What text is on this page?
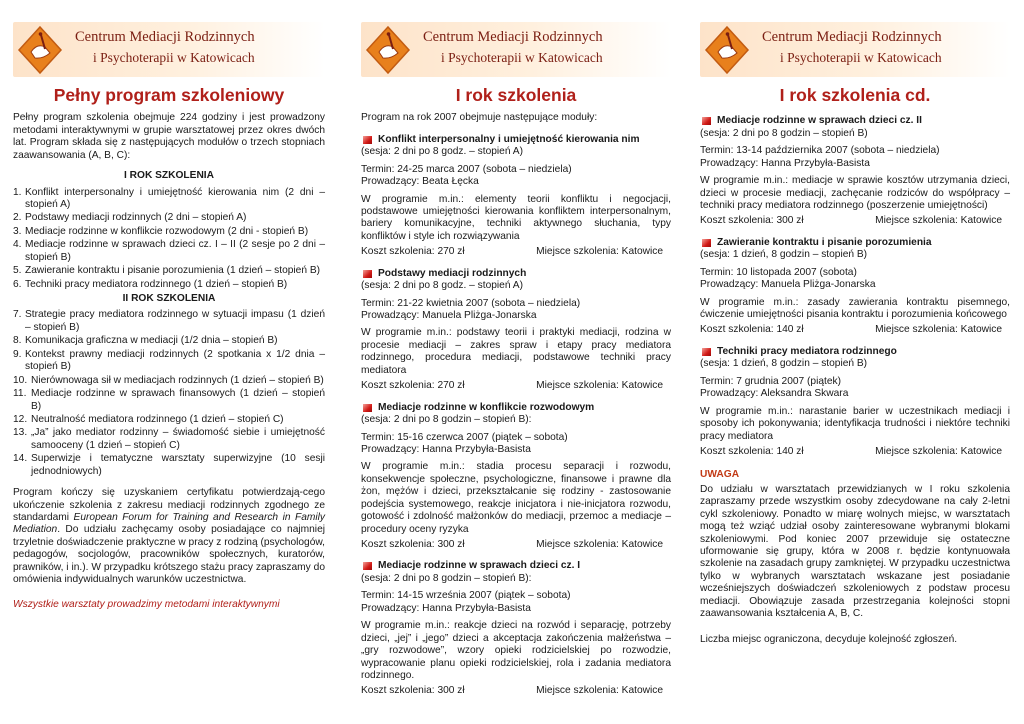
Centrum Mediacji Rodzinnych
i Psychoterapii w Katowicach
Pełny program szkoleniowy

Pełny program szkolenia obejmuje 224 godziny i jest prowadzony metodami interaktywnymi w grupie warsztatowej przez okres dwóch lat. Program składa się z następujących modułów o trzech stopniach zaawansowania (A, B, C):

I ROK SZKOLENIA
1. Konflikt interpersonalny i umiejętność kierowania nim (2 dni – stopień A)
2. Podstawy mediacji rodzinnych (2 dni – stopień A)
3. Mediacje rodzinne w konflikcie rozwodowym (2 dni - stopień B)
4. Mediacje rodzinne w sprawach dzieci cz. I – II (2 sesje po 2 dni – stopień B)
5. Zawieranie kontraktu i pisanie porozumienia (1 dzień – stopień B)
6. Techniki pracy mediatora rodzinnego (1 dzień – stopień B)
II ROK SZKOLENIA
7. Strategie pracy mediatora rodzinnego w sytuacji impasu (1 dzień – stopień B)
8. Komunikacja graficzna w mediacji (1/2 dnia – stopień B)
9. Kontekst prawny mediacji rodzinnych (2 spotkania x 1/2 dnia – stopień B)
10. Nierównowaga sił w mediacjach rodzinnych (1 dzień – stopień B)
11. Mediacje rodzinne w sprawach finansowych (1 dzień – stopień B)
12. Neutralność mediatora rodzinnego (1 dzień – stopień C)
13. „Ja” jako mediator rodzinny – świadomość siebie i umiejętność samooceny (1 dzień – stopień C)
14. Superwizje i tematyczne warsztaty superwizyjne (10 sesji jednodniowych)

Program kończy się uzyskaniem certyfikatu potwierdzają-cego ukończenie szkolenia z zakresu mediacji rodzinnych zgodnego ze standardami European Forum for Training and Research in Family Mediation. Do udziału zachęcamy osoby posiadające co najmniej trzyletnie doświadczenie praktyczne w pracy z rodziną (psychologów, pedagogów, socjologów, pracowników społecznych, kuratorów, prawników, i in.). W przypadku krótszego stażu pracy zapraszamy do omówienia indywidualnych warunków uczestnictwa.

Wszystkie warsztaty prowadzimy metodami interaktywnymi

Centrum Mediacji Rodzinnych
i Psychoterapii w Katowicach
I rok szkolenia

Program na rok 2007 obejmuje następujące moduły:

Konflikt interpersonalny i umiejętność kierowania nim
(sesja: 2 dni po 8 godz. – stopień A)
Termin: 24-25 marca 2007 (sobota – niedziela)
Prowadzący: Beata Łęcka

W programie m.in.: elementy teorii konfliktu i negocjacji, podstawowe umiejętności kierowania konfliktem interpersonalnym, bariery komunikacyjne, techniki aktywnego słuchania, typy konfliktów i style ich rozwiązywania

Koszt szkolenia: 270 zł	Miejsce szkolenia: Katowice
Podstawy mediacji rodzinnych
(sesja: 2 dni po 8 godz. – stopień A)
Termin: 21-22 kwietnia 2007 (sobota – niedziela)
Prowadzący: Manuela Pliżga-Jonarska

W programie m.in.: podstawy teorii i praktyki mediacji, rodzina w procesie mediacji – zakres spraw i etapy pracy mediatora rodzinnego, procedura mediacji, podstawowe techniki pracy mediatora

Koszt szkolenia: 270 zł	Miejsce szkolenia: Katowice
Mediacje rodzinne w konflikcie rozwodowym
(sesja: 2 dni po 8 godzin – stopień B):
Termin: 15-16 czerwca 2007 (piątek – sobota)
Prowadzący: Hanna Przybyła-Basista

W programie m.in.: stadia procesu separacji i rozwodu, konsekwencje społeczne, psychologiczne, finansowe i prawne dla żon, mężów i dzieci, przekształcanie się rodziny - zastosowanie podejścia systemowego, reakcje inicjatora i nie-inicjatora rozwodu, gotowość i zdolność małżonków do mediacji, przemoc a mediacje – procedury oceny ryzyka

Koszt szkolenia: 300 zł	Miejsce szkolenia: Katowice
Mediacje rodzinne w sprawach dzieci cz. I
(sesja: 2 dni po 8 godzin – stopień B):
Termin: 14-15 września 2007 (piątek – sobota)
Prowadzący: Hanna Przybyła-Basista

W programie m.in.: reakcje dzieci na rozwód i separację, potrzeby dzieci, „jej” i „jego” dzieci a akceptacja zakończenia małżeństwa – „gry rozwodowe”, wzory opieki rodzicielskiej po rozwodzie, wypracowanie planu opieki rodzicielskiej, rola i zadania mediatora rodzinnego.

Koszt szkolenia: 300 zł	Miejsce szkolenia: Katowice
Centrum Mediacji Rodzinnych
i Psychoterapii w Katowicach
I rok szkolenia cd.
Mediacje rodzinne w sprawach dzieci cz. II
(sesja: 2 dni po 8 godzin – stopień B)
Termin: 13-14 października 2007 (sobota – niedziela)
Prowadzący: Hanna Przybyła-Basista

W programie m.in.: mediacje w sprawie kosztów utrzymania dzieci, dzieci w procesie mediacji, zachęcanie rodziców do współpracy – techniki pracy mediatora rodzinnego (poszerzenie umiejętności)

Koszt szkolenia: 300 zł	Miejsce szkolenia: Katowice
Zawieranie kontraktu i pisanie porozumienia
(sesja: 1 dzień, 8 godzin – stopień B)
Termin: 10 listopada 2007 (sobota)
Prowadzący: Manuela Pliżga-Jonarska

W programie m.in.: zasady zawierania kontraktu pisemnego, ćwiczenie umiejętności pisania kontraktu i porozumienia końcowego

Koszt szkolenia: 140 zł	Miejsce szkolenia: Katowice
Techniki pracy mediatora rodzinnego
(sesja: 1 dzień, 8 godzin – stopień B)
Termin: 7 grudnia 2007 (piątek)
Prowadzący: Aleksandra Skwara

W programie m.in.: narastanie barier w uczestnikach mediacji i sposoby ich pokonywania; identyfikacja trudności i niektóre techniki pracy mediatora

Koszt szkolenia: 140 zł	Miejsce szkolenia: Katowice
UWAGA

Do udziału w warsztatach przewidzianych w I roku szkolenia zapraszamy przede wszystkim osoby zdecydowane na cały 2-letni cykl szkoleniowy. Ponadto w miarę wolnych miejsc, w warsztatach mogą też wziąć udział osoby zainteresowane wybranymi blokami szkoleniowymi. Pod koniec 2007 przewiduje się ostateczne uformowanie się grupy, która w 2008 r. będzie kontynuowała szkolenie na zasadach grupy zamkniętej. W przypadku uczestnictwa tylko w wybranych warsztatach wskazane jest posiadanie wcześniejszych doświadczeń szkoleniowych z podstaw procesu mediacji. Obowiązuje zasada przestrzegania kolejności stopni zaawansowania kształcenia A, B, C.

Liczba miejsc ograniczona, decyduje kolejność zgłoszeń.
